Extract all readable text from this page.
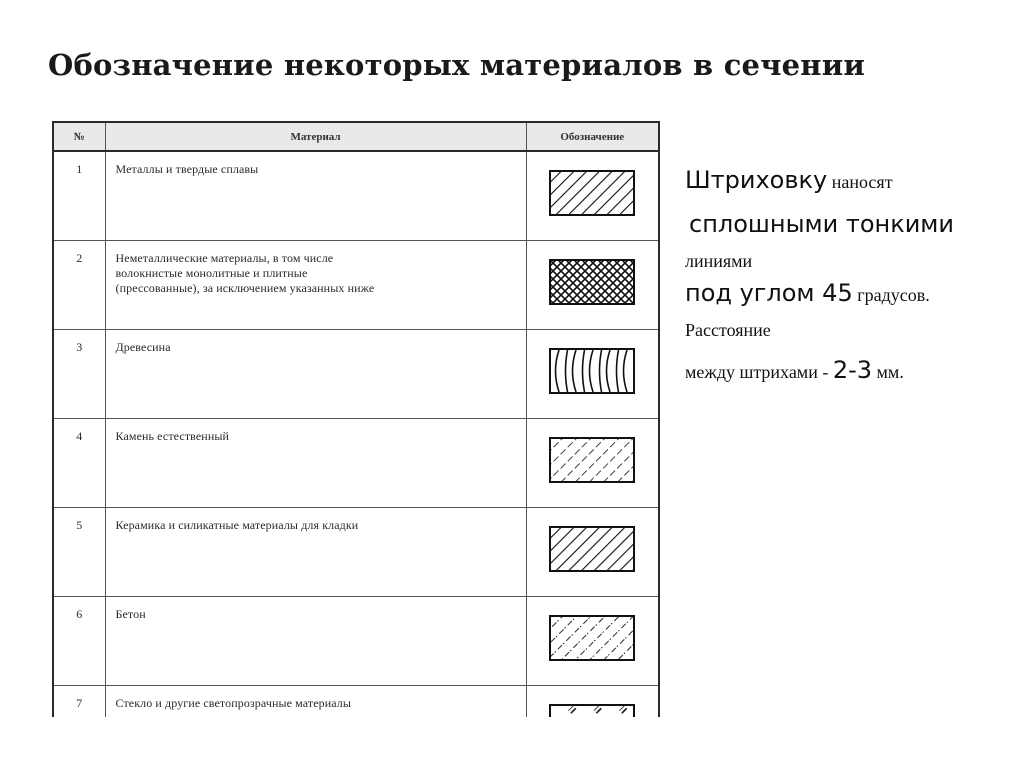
Обозначение некоторых материалов в сечении
№	Материал	Обозначение
1	Металлы и твердые сплавы

2	Неметаллические материалы, в том числе
волокнистые монолитные и плитные
(прессованные), за исключением указанных ниже

3	Древесина

4	Камень естественный

5	Керамика и силикатные материалы для кладки

6	Бетон

7	Стекло и другие светопрозрачные материалы

Штриховку наносят
сплошными тонкими
линиями
под углом 45 градусов.
Расстояние
между штрихами - 2-3 мм.
